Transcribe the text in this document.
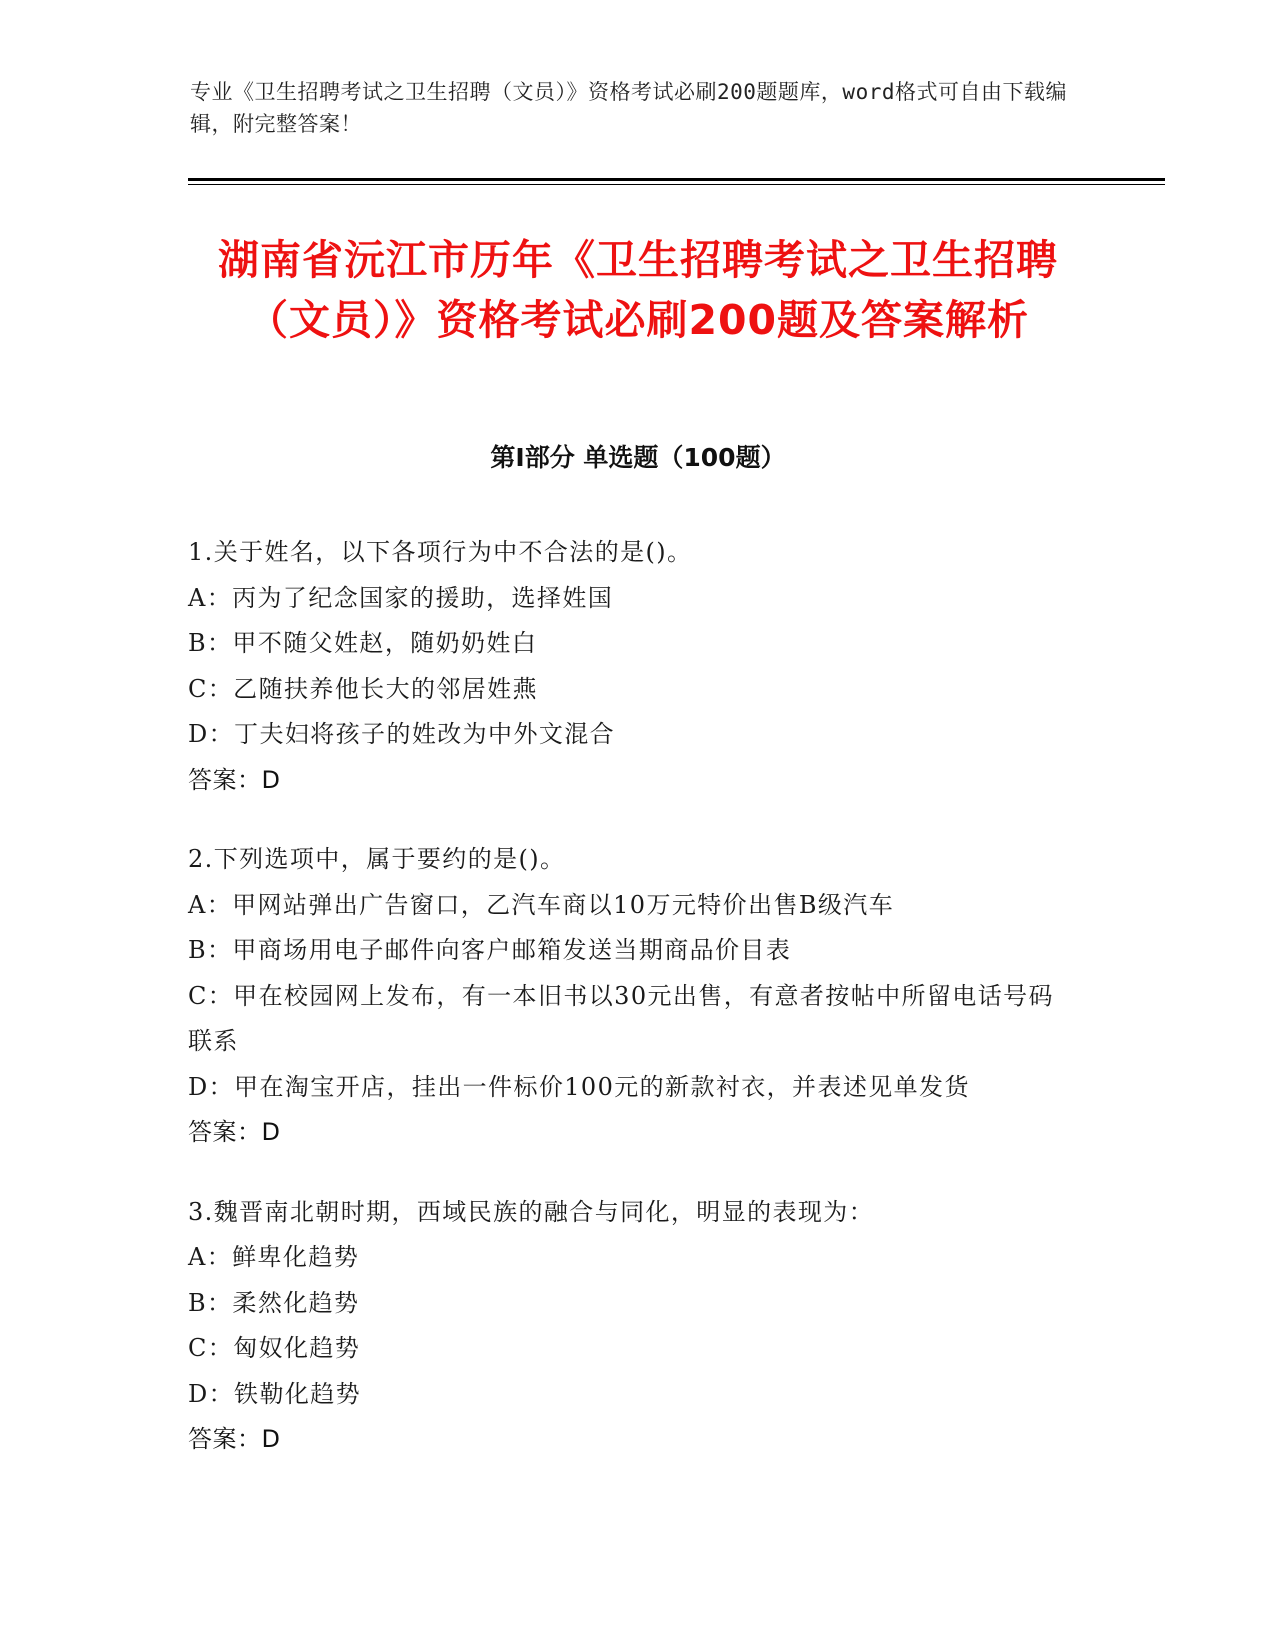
专业《卫生招聘考试之卫生招聘（文员）》资格考试必刷200题题库，word格式可自由下载编辑，附完整答案！
湖南省沅江市历年《卫生招聘考试之卫生招聘（文员）》资格考试必刷200题及答案解析
第I部分 单选题（100题）
1.关于姓名，以下各项行为中不合法的是()。
A：丙为了纪念国家的援助，选择姓国
B：甲不随父姓赵，随奶奶姓白
C：乙随扶养他长大的邻居姓燕
D：丁夫妇将孩子的姓改为中外文混合
答案：D
2.下列选项中，属于要约的是()。
A：甲网站弹出广告窗口，乙汽车商以10万元特价出售B级汽车
B：甲商场用电子邮件向客户邮箱发送当期商品价目表
C：甲在校园网上发布，有一本旧书以30元出售，有意者按帖中所留电话号码联系
D：甲在淘宝开店，挂出一件标价100元的新款衬衣，并表述见单发货
答案：D
3.魏晋南北朝时期，西域民族的融合与同化，明显的表现为：
A：鲜卑化趋势
B：柔然化趋势
C：匈奴化趋势
D：铁勒化趋势
答案：D
